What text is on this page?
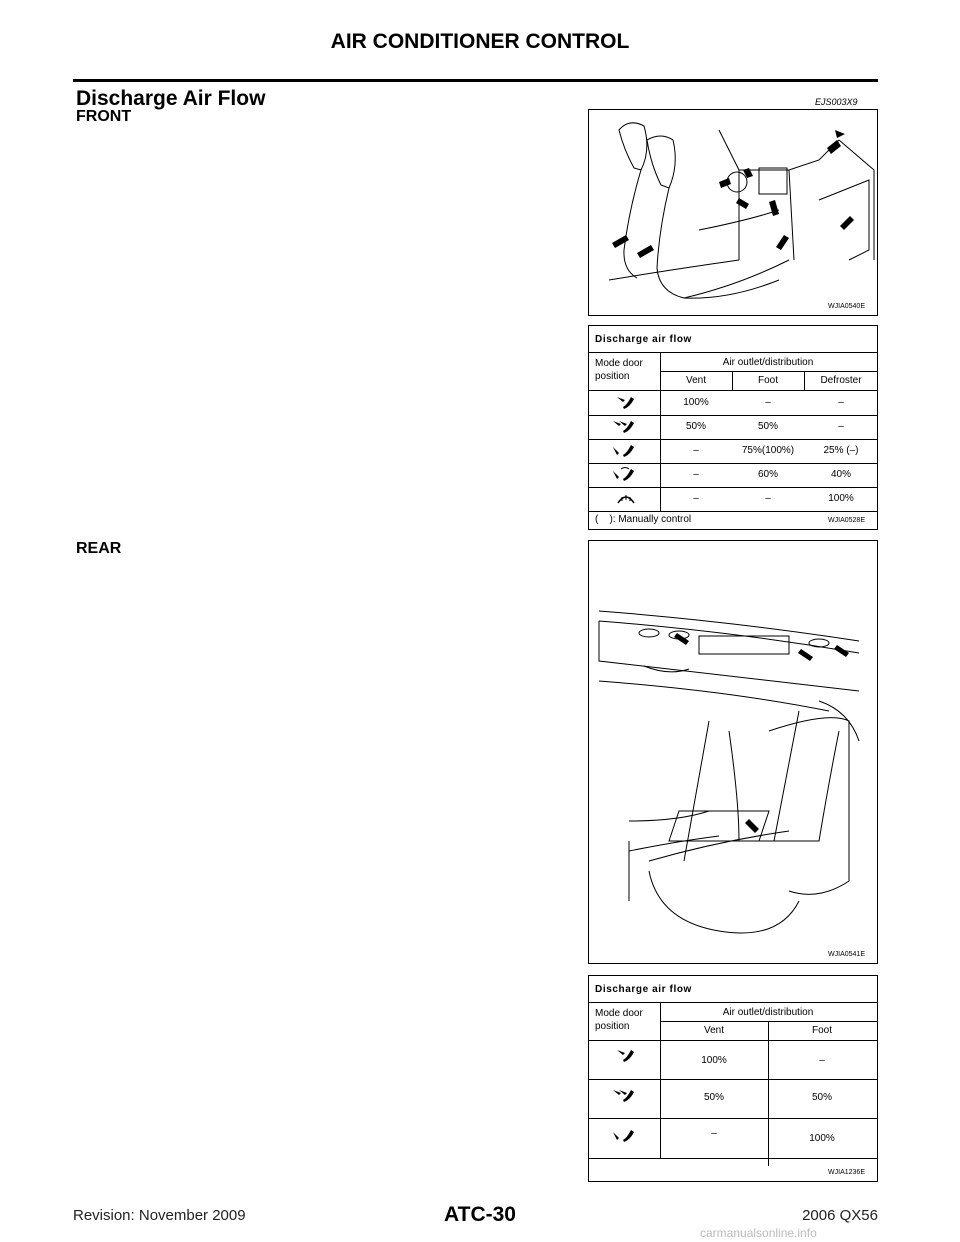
AIR CONDITIONER CONTROL
Discharge Air Flow	EJS003X9
FRONT
WJIA0540E
Discharge air flow
Mode door
position
Air outlet/distribution
Vent	Foot	Defroster
100%	–	–
50%	50%	–
–	75%(100%)	25% (–)
–	60%	40%
–	–	100%
(    ): Manually control	WJIA0528E
REAR
WJIA0541E
Discharge air flow
Mode door
position
Air outlet/distribution
Vent	Foot
100%	–
50%	50%
–	100%
WJIA1236E
Revision: November 2009	ATC-30	2006 QX56
carmanualsonline.info
